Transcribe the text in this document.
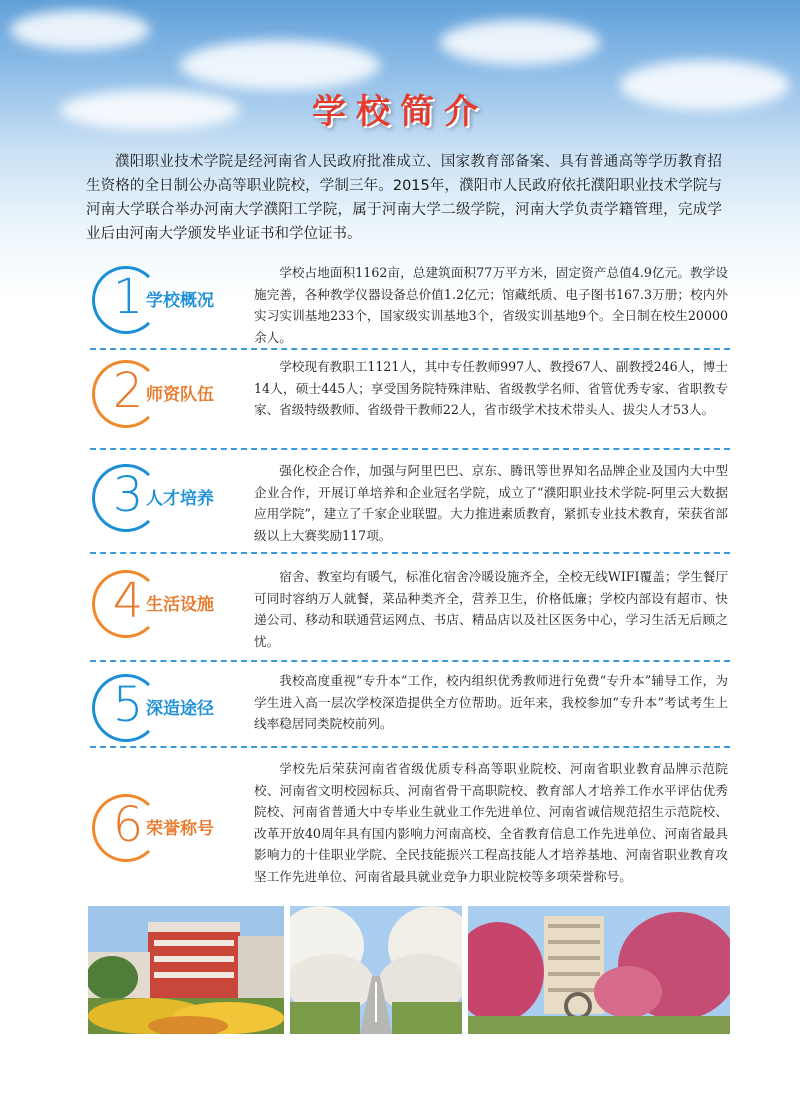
学校简介

濮阳职业技术学院是经河南省人民政府批准成立、国家教育部备案、具有普通高等学历教育招生资格的全日制公办高等职业院校，学制三年。2015年，濮阳市人民政府依托濮阳职业技术学院与河南大学联合举办河南大学濮阳工学院，属于河南大学二级学院，河南大学负责学籍管理，完成学业后由河南大学颁发毕业证书和学位证书。

1 学校概况

学校占地面积1162亩，总建筑面积77万平方米，固定资产总值4.9亿元。教学设施完善，各种教学仪器设备总价值1.2亿元；馆藏纸质、电子图书167.3万册；校内外实习实训基地233个，国家级实训基地3个，省级实训基地9个。全日制在校生20000余人。

2 师资队伍

学校现有教职工1121人，其中专任教师997人、教授67人、副教授246人，博士14人，硕士445人；享受国务院特殊津贴、省级教学名师、省管优秀专家、省职教专家、省级特级教师、省级骨干教师22人，省市级学术技术带头人、拔尖人才53人。

3 人才培养

强化校企合作，加强与阿里巴巴、京东、腾讯等世界知名品牌企业及国内大中型企业合作，开展订单培养和企业冠名学院，成立了“濮阳职业技术学院-阿里云大数据应用学院”，建立了千家企业联盟。大力推进素质教育，紧抓专业技术教育，荣获省部级以上大赛奖励117项。

4 生活设施

宿舍、教室均有暖气，标准化宿舍冷暖设施齐全，全校无线WIFI覆盖；学生餐厅可同时容纳万人就餐，菜品种类齐全，营养卫生，价格低廉；学校内部设有超市、快递公司、移动和联通营运网点、书店、精品店以及社区医务中心，学习生活无后顾之忧。

5 深造途径

我校高度重视“专升本”工作，校内组织优秀教师进行免费“专升本”辅导工作，为学生进入高一层次学校深造提供全方位帮助。近年来，我校参加“专升本”考试考生上线率稳居同类院校前列。

6 荣誉称号

学校先后荣获河南省省级优质专科高等职业院校、河南省职业教育品牌示范院校、河南省文明校园标兵、河南省骨干高职院校、教育部人才培养工作水平评估优秀院校、河南省普通大中专毕业生就业工作先进单位、河南省诚信规范招生示范院校、改革开放40周年具有国内影响力河南高校、全省教育信息工作先进单位、河南省最具影响力的十佳职业学院、全民技能振兴工程高技能人才培养基地、河南省职业教育攻坚工作先进单位、河南省最具就业竞争力职业院校等多项荣誉称号。
